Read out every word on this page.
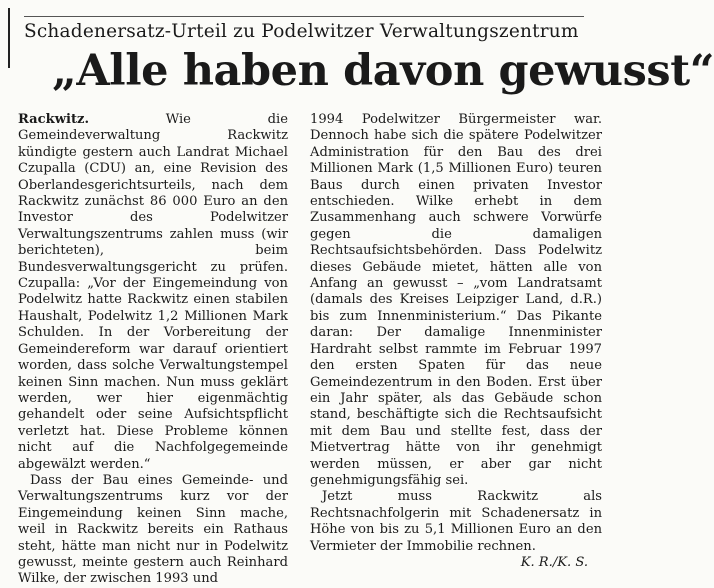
Schadenersatz-Urteil zu Podelwitzer Verwaltungszentrum
„Alle haben davon gewusst“

Rackwitz. Wie die Gemeindeverwaltung Rackwitz kündigte gestern auch Landrat Michael Czupalla (CDU) an, eine Revision des Oberlandesgerichtsurteils, nach dem Rackwitz zunächst 86 000 Euro an den Investor des Podelwitzer Verwaltungszentrums zahlen muss (wir berichteten), beim Bundesverwaltungsgericht zu prüfen. Czupalla: „Vor der Eingemeindung von Podelwitz hatte Rackwitz einen stabilen Haushalt, Podelwitz 1,2 Millionen Mark Schulden. In der Vorbereitung der Gemeindereform war darauf orientiert worden, dass solche Verwaltungstempel keinen Sinn machen. Nun muss geklärt werden, wer hier eigenmächtig gehandelt oder seine Aufsichtspflicht verletzt hat. Diese Probleme können nicht auf die Nachfolgegemeinde abgewälzt werden.“

Dass der Bau eines Gemeinde- und Verwaltungszentrums kurz vor der Eingemeindung keinen Sinn mache, weil in Rackwitz bereits ein Rathaus steht, hätte man nicht nur in Podelwitz gewusst, meinte gestern auch Reinhard Wilke, der zwischen 1993 und

1994 Podelwitzer Bürgermeister war. Dennoch habe sich die spätere Podelwitzer Administration für den Bau des drei Millionen Mark (1,5 Millionen Euro) teuren Baus durch einen privaten Investor entschieden. Wilke erhebt in dem Zusammenhang auch schwere Vorwürfe gegen die damaligen Rechtsaufsichtsbehörden. Dass Podelwitz dieses Gebäude mietet, hätten alle von Anfang an gewusst – „vom Landratsamt (damals des Kreises Leipziger Land, d.R.) bis zum Innenministerium.“ Das Pikante daran: Der damalige Innenminister Hardraht selbst rammte im Februar 1997 den ersten Spaten für das neue Gemeindezentrum in den Boden. Erst über ein Jahr später, als das Gebäude schon stand, beschäftigte sich die Rechtsaufsicht mit dem Bau und stellte fest, dass der Mietvertrag hätte von ihr genehmigt werden müssen, er aber gar nicht genehmigungsfähig sei.

Jetzt muss Rackwitz als Rechtsnachfolgerin mit Schadenersatz in Höhe von bis zu 5,1 Millionen Euro an den Vermieter der Immobilie rechnen.

K. R./K. S.
